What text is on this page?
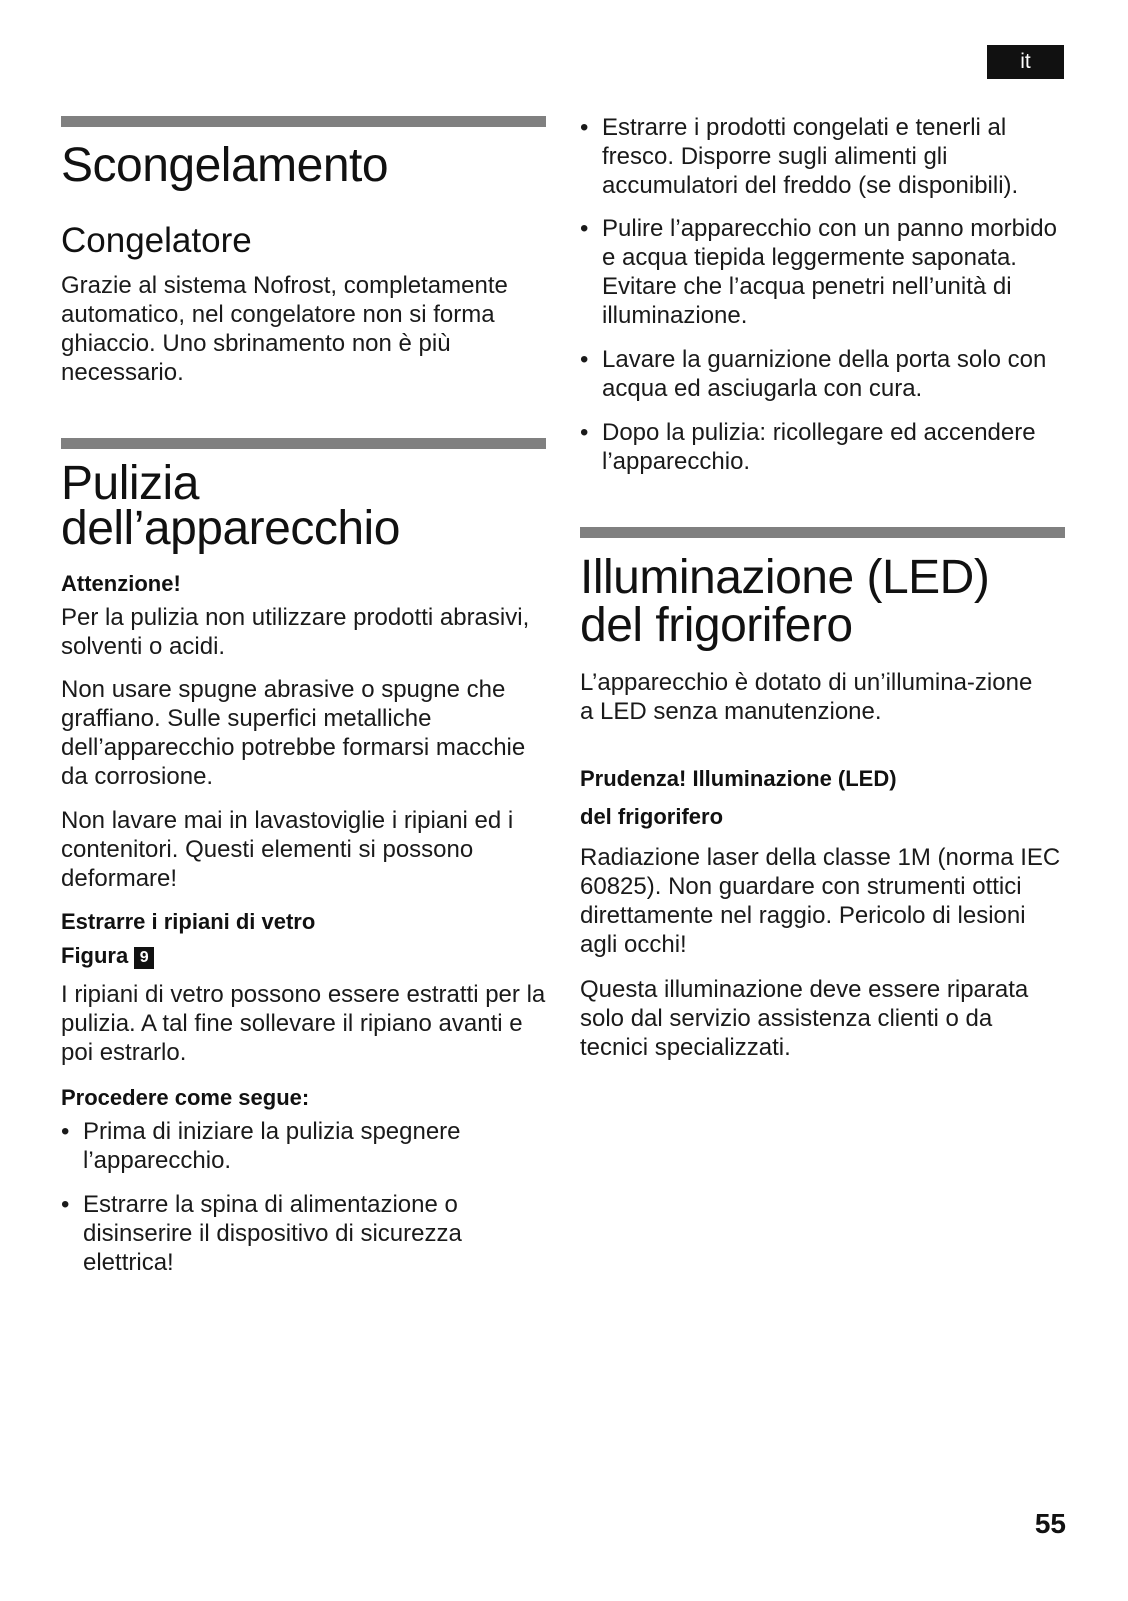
it
Scongelamento
Congelatore

Grazie al sistema Nofrost, completamente automatico, nel congelatore non si forma ghiaccio. Uno sbrinamento non è più necessario.

Pulizia
dell’apparecchio
Attenzione!

Per la pulizia non utilizzare prodotti abrasivi, solventi o acidi.

Non usare spugne abrasive o spugne che graffiano. Sulle superfici metalliche dell’apparecchio potrebbe formarsi macchie da corrosione.

Non lavare mai in lavastoviglie i ripiani ed i contenitori. Questi elementi si possono deformare!

Estrarre i ripiani di vetro
Figura 9

I ripiani di vetro possono essere estratti per la pulizia. A tal fine sollevare il ripiano avanti e poi estrarlo.

Procedere come segue:
• Prima di iniziare la pulizia spegnere l’apparecchio.
• Estrarre la spina di alimentazione o disinserire il dispositivo di sicurezza elettrica!
• Estrarre i prodotti congelati e tenerli al fresco. Disporre sugli alimenti gli accumulatori del freddo (se disponibili).
• Pulire l’apparecchio con un panno morbido e acqua tiepida leggermente saponata. Evitare che l’acqua penetri nell’unità di illuminazione.
• Lavare la guarnizione della porta solo con acqua ed asciugarla con cura.
• Dopo la pulizia: ricollegare ed accendere l’apparecchio.
Illuminazione (LED)
del frigorifero

L’apparecchio è dotato di un’illumina-zione a LED senza manutenzione.

Prudenza! Illuminazione (LED)
del frigorifero

Radiazione laser della classe 1M (norma IEC 60825). Non guardare con strumenti ottici direttamente nel raggio. Pericolo di lesioni agli occhi!

Questa illuminazione deve essere riparata solo dal servizio assistenza clienti o da tecnici specializzati.

55
